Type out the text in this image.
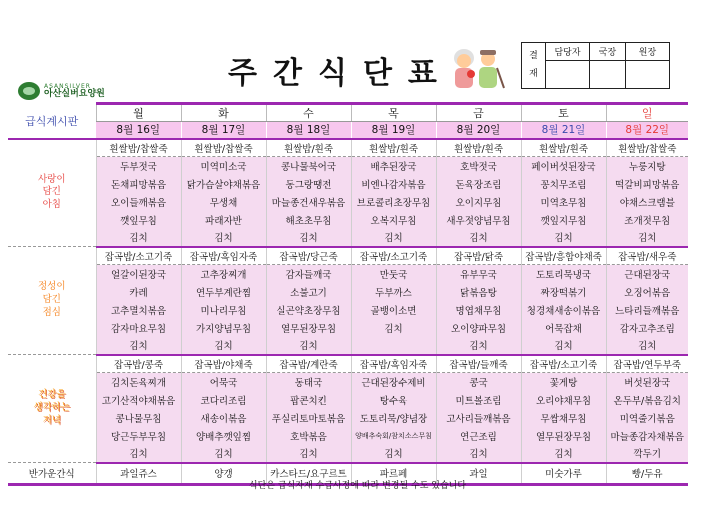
ASANSILVER
아산실버요양원
주간식단표	결
재	담당자	국장	원장

급식계시판	월	화	수	목	금	토	일
	8월 16일	8월 17일	8월 18일	8월 19일	8월 20일	8월 21일	8월 22일

사랑이
담긴
아침	흰쌀밥/찹쌀죽	흰쌀밥/찹쌀죽	흰쌀밥/흰죽	흰쌀밥/흰죽	흰쌀밥/흰죽	흰쌀밥/흰죽	흰쌀밥/찹쌀죽
	두부젓국	미역미소국	콩나물북어국	배추된장국	호박젓국	페이버섯된장국	누룽지탕
	돈채피망볶음	닭가슴살야채볶음	동그랑땡전	비엔나감자볶음	돈육장조림	꽁치무조림	떡갈비피망볶음
	오이들깨볶음	무생채	마늘종건새우볶음	브로콜리초장무침	오이지무침	미역초무침	야채스크램블
	깻잎무침	파래자반	해초초무침	오복지무침	새우젓양념무침	깻잎지무침	조개젓무침
	김치	김치	김치	김치	김치	김치	김치

정성이
담긴
점심	잡곡밥/소고기죽	잡곡밥/흑임자죽	잡곡밥/당근죽	잡곡밥/소고기죽	잡곡밥/닭죽	잡곡밥/흥합야채죽	잡곡밥/새우죽
	얼갈이된장국	고추장찌개	감자들깨국	만둣국	유부무국	도토리묵냉국	근대된장국
	카레	연두부계란찜	소불고기	두부까스	닭볶음탕	짜장떡볶기	오징어볶음
	고추멸치볶음	미나리무침	실곤약초장무침	골뱅이소면	명엽채무침	청경채새송이볶음	느타리들깨볶음
	감자마요무침	가지양념무침	열무된장무침	김치	오이양파무침	어묵잡채	감자고추조림
	김치	김치	김치		김치	김치	김치

건강을
생각하는
저녁	잡곡밥/콩죽	잡곡밥/야채죽	잡곡밥/계란죽	잡곡밥/흑임자죽	잡곡밥/들깨죽	잡곡밥/소고기죽	잡곡밥/연두부죽
	김치돈육찌개	어묵국	동태국	근대된장수제비	콩국	꽃게탕	버섯된장국
	고기산적야채볶음	코다리조림	팝콘치킨	탕수육	미트볼조림	오리야채무침	온두부/볶음김치
	콩나물무침	새송이볶음	푸실리토마토볶음	도토리묵/양념장	고사리들깨볶음	무쌈채무침	미역줄기볶음
	당근두부무침	양배추깻잎찜	호박볶음	양배추숙회/참치소스무침	연근조림	열무된장무침	마늘종감자채볶음
	김치	김치	김치	김치	김치	김치	깍두기
반가운간식	과일쥬스	양갱	카스타드/요구르트	파르페	과일	미숫가루	빵/두유
식단은 급식자재 수급사정에 따라 변경될 수도 있습니다
